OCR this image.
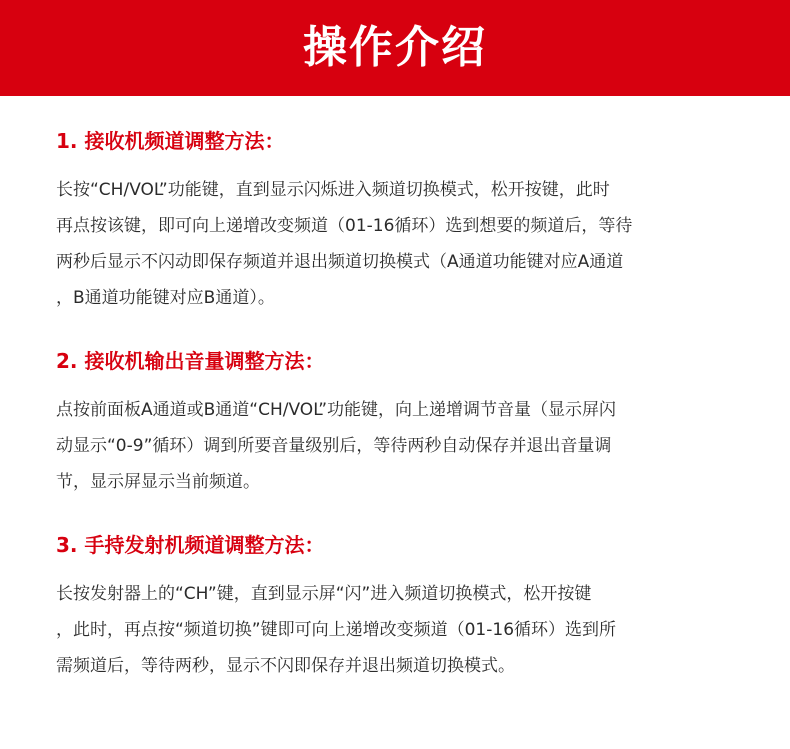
操作介绍

1. 接收机频道调整方法：

长按“CH/VOL”功能键，直到显示闪烁进入频道切换模式，松开按键，此时
再点按该键，即可向上递增改变频道（01-16循环）选到想要的频道后，等待
两秒后显示不闪动即保存频道并退出频道切换模式（A通道功能键对应A通道
，B通道功能键对应B通道）。

2. 接收机输出音量调整方法：

点按前面板A通道或B通道“CH/VOL”功能键，向上递增调节音量（显示屏闪
动显示“0-9”循环）调到所要音量级别后，等待两秒自动保存并退出音量调
节，显示屏显示当前频道。

3. 手持发射机频道调整方法：

长按发射器上的“CH”键，直到显示屏“闪”进入频道切换模式，松开按键
，此时，再点按“频道切换”键即可向上递增改变频道（01-16循环）选到所
需频道后，等待两秒，显示不闪即保存并退出频道切换模式。
